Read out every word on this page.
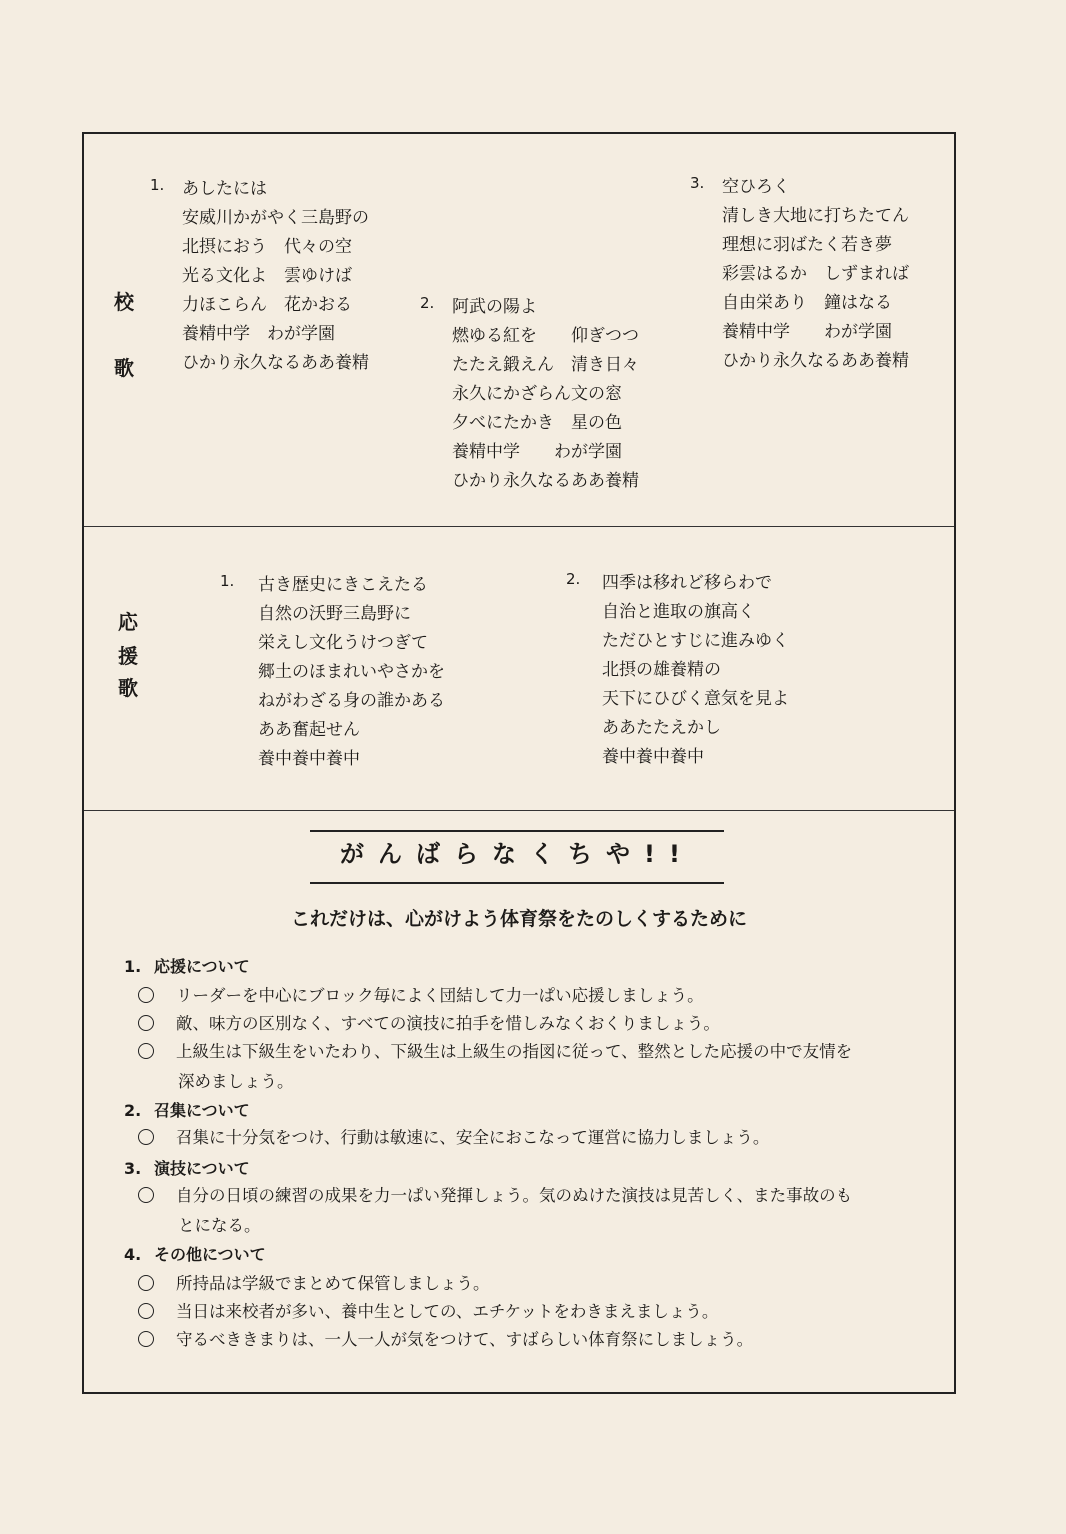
校
歌
1. あしたには
安威川かがやく三島野の
北摂におう　代々の空
光る文化よ　雲ゆけば
力ほこらん　花かおる
養精中学　わが学園
ひかり永久なるああ養精
2. 阿武の陽よ
燃ゆる紅を　　仰ぎつつ
たたえ鍛えん　清き日々
永久にかざらん文の窓
夕べにたかき　星の色
養精中学　　わが学園
ひかり永久なるああ養精
3. 空ひろく
清しき大地に打ちたてん
理想に羽ばたく若き夢
彩雲はるか　しずまれば
自由栄あり　鐘はなる
養精中学　　わが学園
ひかり永久なるああ養精
応
援
歌
1. 古き歴史にきこえたる
自然の沃野三島野に
栄えし文化うけつぎて
郷土のほまれいやさかを
ねがわざる身の誰かある
ああ奮起せん
養中養中養中
2. 四季は移れど移らわで
自治と進取の旗高く
ただひとすじに進みゆく
北摂の雄養精の
天下にひびく意気を見よ
ああたたえかし
養中養中養中
がんばらなくちや!!
これだけは、心がけよう体育祭をたのしくするために
1. 応援について
リーダーを中心にブロック毎によく団結して力一ぱい応援しましょう。
敵、味方の区別なく、すべての演技に拍手を惜しみなくおくりましょう。
上級生は下級生をいたわり、下級生は上級生の指図に従って、整然とした応援の中で友情を
深めましょう。
2. 召集について
召集に十分気をつけ、行動は敏速に、安全におこなって運営に協力しましょう。
3. 演技について
自分の日頃の練習の成果を力一ぱい発揮しょう。気のぬけた演技は見苦しく、また事故のも
とになる。
4. その他について
所持品は学級でまとめて保管しましょう。
当日は来校者が多い、養中生としての、エチケットをわきまえましょう。
守るべききまりは、一人一人が気をつけて、すばらしい体育祭にしましょう。
